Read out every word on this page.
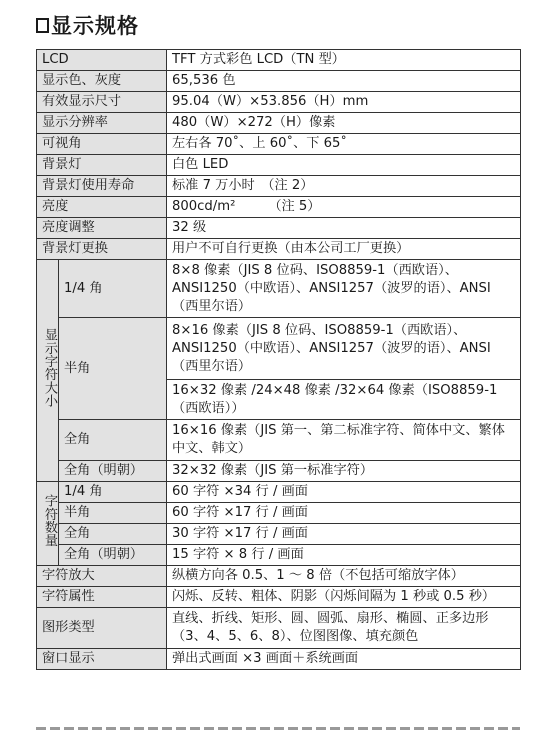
显示规格
LCD		TFT 方式彩色 LCD（TN 型）
显示色、灰度		65,536 色
有效显示尺寸		95.04（W）×53.856（H）mm
显示分辨率		480（W）×272（H）像素
可视角		左右各 70˚、上 60˚、下 65˚
背景灯		白色 LED
背景灯使用寿命		标准 7 万小时　（注 2）
亮度		800cd/m²　　　（注 5）
亮度调整		32 级
背景灯更换		用户不可自行更换（由本公司工厂更换）
显示字符大小	1/4 角	8×8 像素（JIS 8 位码、ISO8859-1（西欧语）、ANSI1250（中欧语）、ANSI1257（波罗的语）、ANSI（西里尔语）
	半角	8×16 像素（JIS 8 位码、ISO8859-1（西欧语）、ANSI1250（中欧语）、ANSI1257（波罗的语）、ANSI（西里尔语）
		16×32 像素 /24×48 像素 /32×64 像素（ISO8859-1（西欧语））
	全角	16×16 像素（JIS 第一、第二标准字符、简体中文、繁体中文、韩文）
	全角（明朝）	32×32 像素（JIS 第一标准字符）
字符数量	1/4 角	60 字符 ×34 行 / 画面
	半角	60 字符 ×17 行 / 画面
	全角	30 字符 ×17 行 / 画面
	全角（明朝）	15 字符 × 8 行 / 画面
字符放大		纵横方向各 0.5、1 ～ 8 倍（不包括可缩放字体）
字符属性		闪烁、反转、粗体、阴影（闪烁间隔为 1 秒或 0.5 秒）
图形类型		直线、折线、矩形、圆、圆弧、扇形、椭圆、正多边形（3、4、5、6、8）、位图图像、填充颜色
窗口显示		弹出式画面 ×3 画面＋系统画面
